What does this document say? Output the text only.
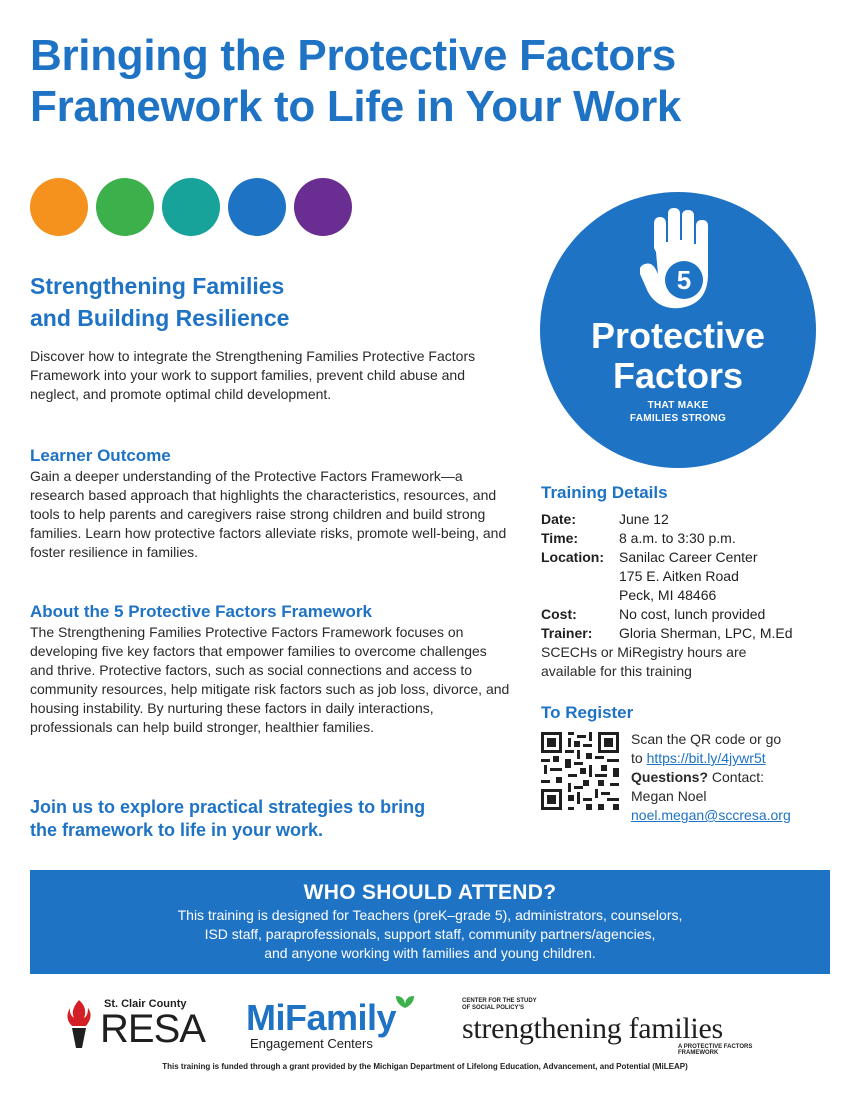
Bringing the Protective Factors
Framework to Life in Your Work
5
Protective
Factors
THAT MAKE
FAMILIES STRONG
Strengthening Families
and Building Resilience

Discover how to integrate the Strengthening Families Protective Factors Framework into your work to support families, prevent child abuse and neglect, and promote optimal child development.

Learner Outcome

Gain a deeper understanding of the Protective Factors Framework—a research based approach that highlights the characteristics, resources, and tools to help parents and caregivers raise strong children and build strong families. Learn how protective factors alleviate risks, promote well-being, and foster resilience in families.

About the 5 Protective Factors Framework

The Strengthening Families Protective Factors Framework focuses on developing five key factors that empower families to overcome challenges and thrive. Protective factors, such as social connections and access to community resources, help mitigate risk factors such as job loss, divorce, and housing instability. By nurturing these factors in daily interactions, professionals can help build stronger, healthier families.

Join us to explore practical strategies to bring
the framework to life in your work.
Training Details
Date:	June 12
Time:	8 a.m. to 3:30 p.m.
Location:	Sanilac Career Center
175 E. Aitken Road
Peck, MI 48466
Cost:	No cost, lunch provided
Trainer:	Gloria Sherman, LPC, M.Ed
SCECHs or MiRegistry hours are
available for this training
To Register
Scan the QR code or go
to https://bit.ly/4jywr5t
Questions? Contact:
Megan Noel
noel.megan@sccresa.org
WHO SHOULD ATTEND?
This training is designed for Teachers (preK–grade 5), administrators, counselors,
ISD staff, paraprofessionals, support staff, community partners/agencies,
and anyone working with families and young children.
St. Clair County
RESA MiFamily
Engagement Centers
CENTER FOR THE STUDY
OF SOCIAL POLICY'S
strengthening families
A PROTECTIVE FACTORS FRAMEWORK
This training is funded through a grant provided by the Michigan Department of Lifelong Education, Advancement, and Potential (MiLEAP)
